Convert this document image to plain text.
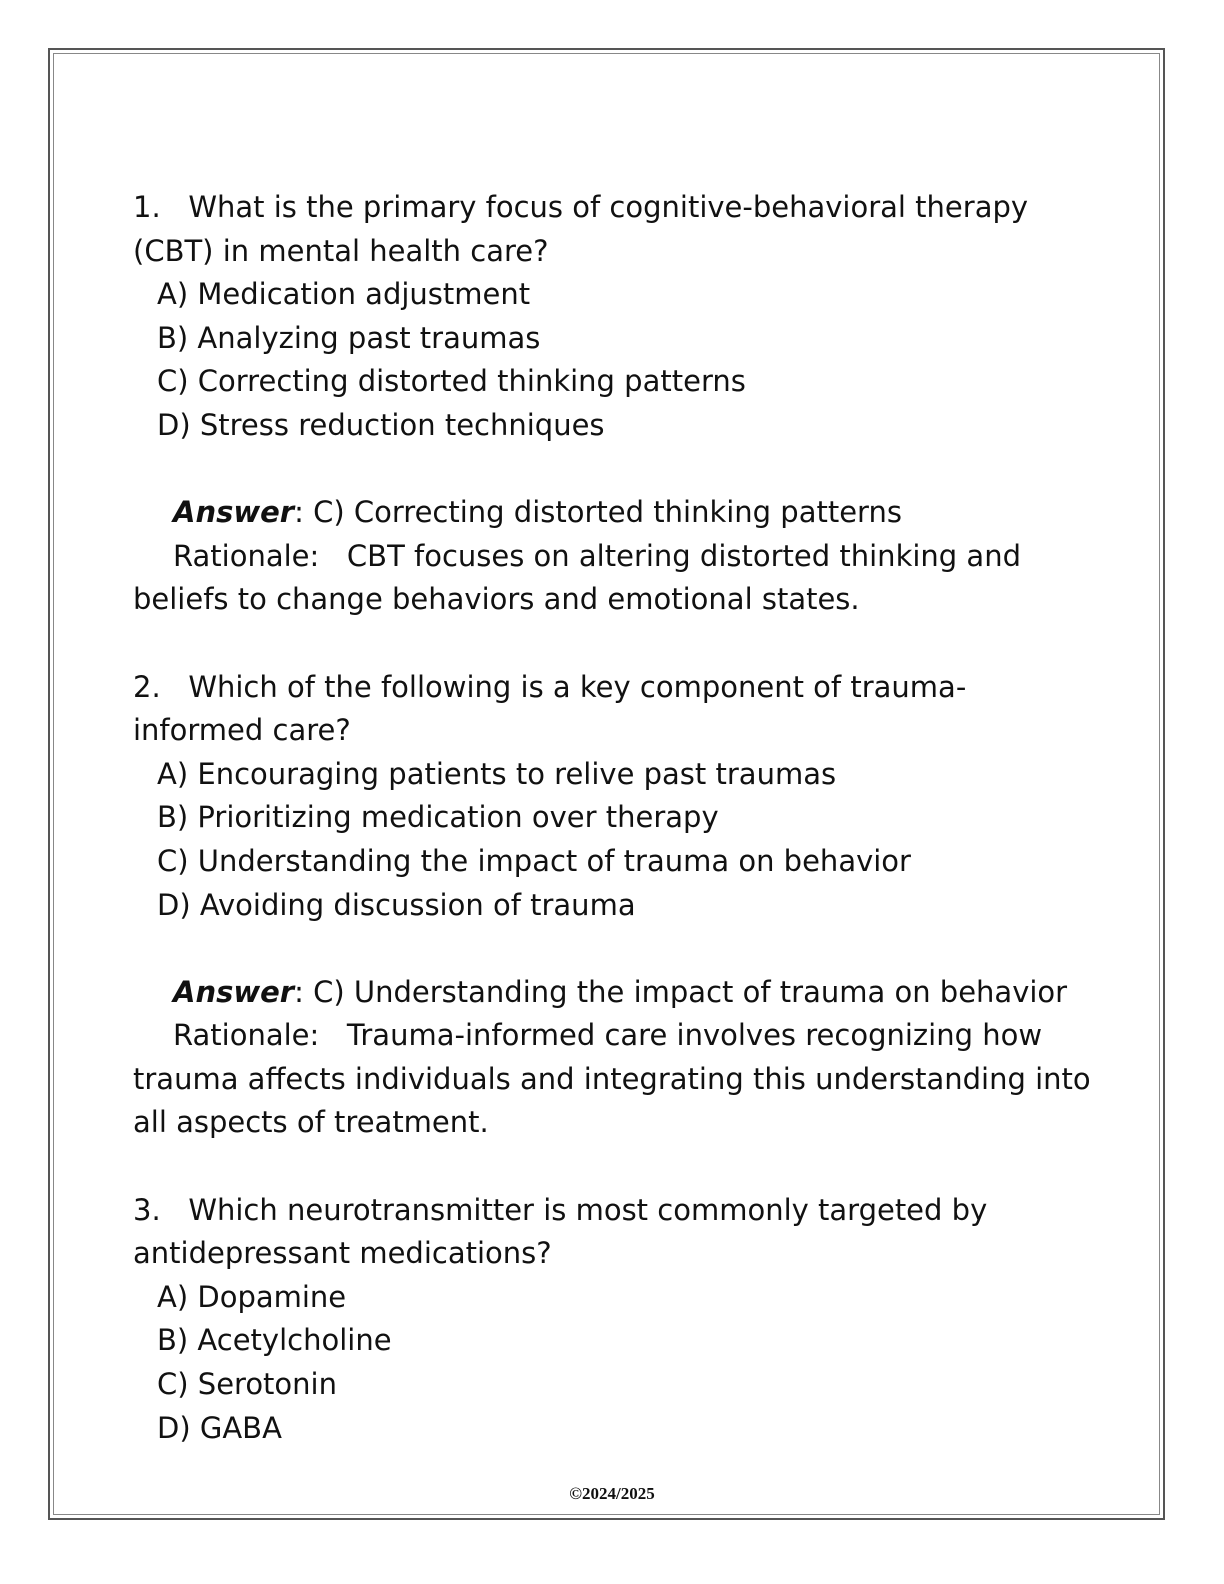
1.   What is the primary focus of cognitive-behavioral therapy
(CBT) in mental health care?
A) Medication adjustment
B) Analyzing past traumas
C) Correcting distorted thinking patterns
D) Stress reduction techniques
Answer: C) Correcting distorted thinking patterns
Rationale:   CBT focuses on altering distorted thinking and
beliefs to change behaviors and emotional states.
2.   Which of the following is a key component of trauma-
informed care?
A) Encouraging patients to relive past traumas
B) Prioritizing medication over therapy
C) Understanding the impact of trauma on behavior
D) Avoiding discussion of trauma
Answer: C) Understanding the impact of trauma on behavior
Rationale:   Trauma-informed care involves recognizing how
trauma affects individuals and integrating this understanding into
all aspects of treatment.
3.   Which neurotransmitter is most commonly targeted by
antidepressant medications?
A) Dopamine
B) Acetylcholine
C) Serotonin
D) GABA
©2024/2025
